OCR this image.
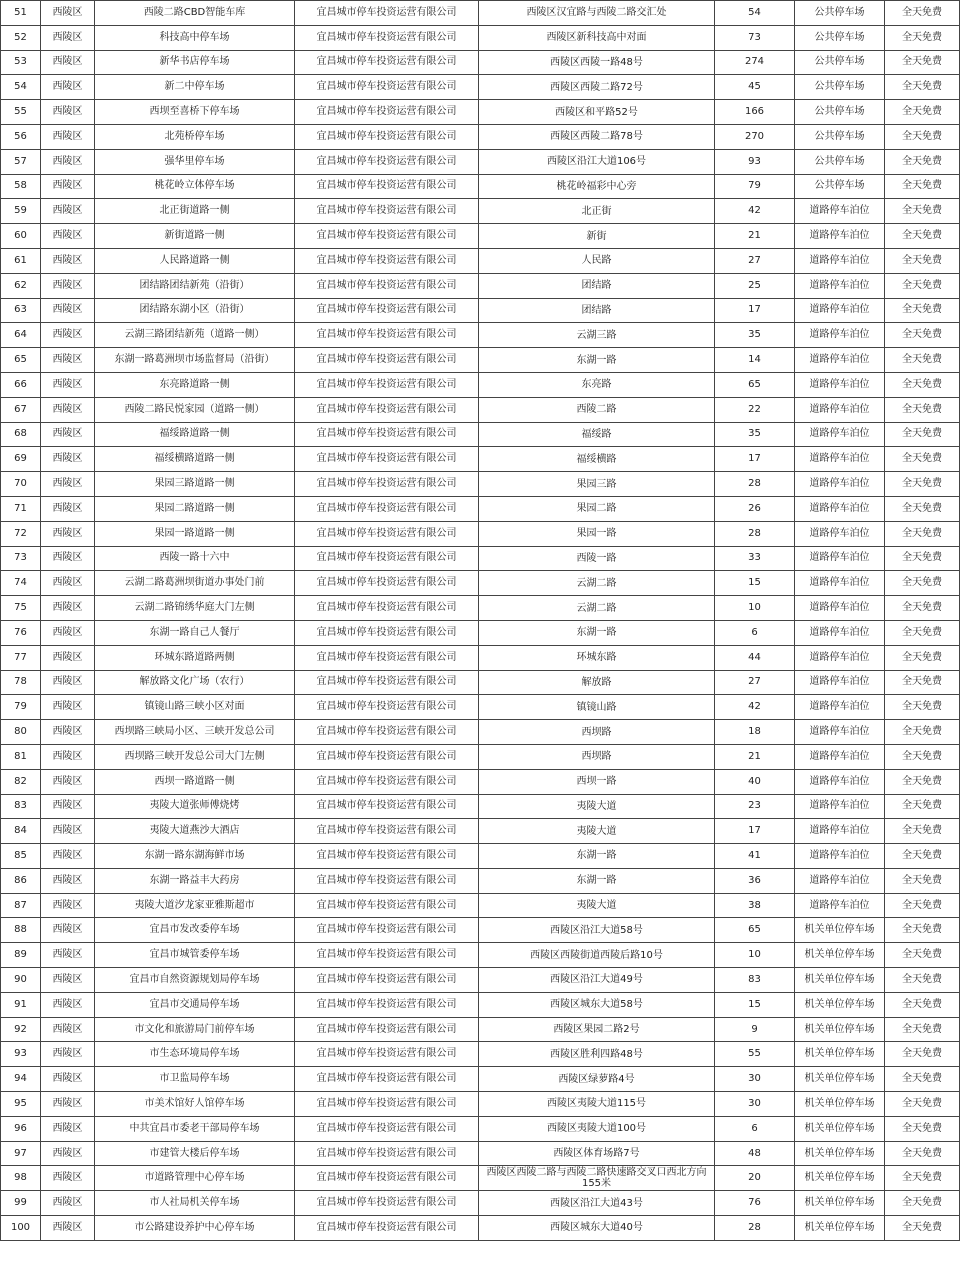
51	西陵区	西陵二路CBD智能车库	宜昌城市停车投资运营有限公司	西陵区汉宜路与西陵二路交汇处	54	公共停车场	全天免费
52	西陵区	科技高中停车场	宜昌城市停车投资运营有限公司	西陵区新科技高中对面	73	公共停车场	全天免费
53	西陵区	新华书店停车场	宜昌城市停车投资运营有限公司	西陵区西陵一路48号	274	公共停车场	全天免费
54	西陵区	新二中停车场	宜昌城市停车投资运营有限公司	西陵区西陵二路72号	45	公共停车场	全天免费
55	西陵区	西坝至喜桥下停车场	宜昌城市停车投资运营有限公司	西陵区和平路52号	166	公共停车场	全天免费
56	西陵区	北苑桥停车场	宜昌城市停车投资运营有限公司	西陵区西陵二路78号	270	公共停车场	全天免费
57	西陵区	强华里停车场	宜昌城市停车投资运营有限公司	西陵区沿江大道106号	93	公共停车场	全天免费
58	西陵区	桃花岭立体停车场	宜昌城市停车投资运营有限公司	桃花岭福彩中心旁	79	公共停车场	全天免费
59	西陵区	北正街道路一侧	宜昌城市停车投资运营有限公司	北正街	42	道路停车泊位	全天免费
60	西陵区	新街道路一侧	宜昌城市停车投资运营有限公司	新街	21	道路停车泊位	全天免费
61	西陵区	人民路道路一侧	宜昌城市停车投资运营有限公司	人民路	27	道路停车泊位	全天免费
62	西陵区	团结路团结新苑（沿街）	宜昌城市停车投资运营有限公司	团结路	25	道路停车泊位	全天免费
63	西陵区	团结路东湖小区（沿街）	宜昌城市停车投资运营有限公司	团结路	17	道路停车泊位	全天免费
64	西陵区	云湖三路团结新苑（道路一侧）	宜昌城市停车投资运营有限公司	云湖三路	35	道路停车泊位	全天免费
65	西陵区	东湖一路葛洲坝市场监督局（沿街）	宜昌城市停车投资运营有限公司	东湖一路	14	道路停车泊位	全天免费
66	西陵区	东亮路道路一侧	宜昌城市停车投资运营有限公司	东亮路	65	道路停车泊位	全天免费
67	西陵区	西陵二路民悦家园（道路一侧）	宜昌城市停车投资运营有限公司	西陵二路	22	道路停车泊位	全天免费
68	西陵区	福绥路道路一侧	宜昌城市停车投资运营有限公司	福绥路	35	道路停车泊位	全天免费
69	西陵区	福绥横路道路一侧	宜昌城市停车投资运营有限公司	福绥横路	17	道路停车泊位	全天免费
70	西陵区	果园三路道路一侧	宜昌城市停车投资运营有限公司	果园三路	28	道路停车泊位	全天免费
71	西陵区	果园二路道路一侧	宜昌城市停车投资运营有限公司	果园二路	26	道路停车泊位	全天免费
72	西陵区	果园一路道路一侧	宜昌城市停车投资运营有限公司	果园一路	28	道路停车泊位	全天免费
73	西陵区	西陵一路十六中	宜昌城市停车投资运营有限公司	西陵一路	33	道路停车泊位	全天免费
74	西陵区	云湖二路葛洲坝街道办事处门前	宜昌城市停车投资运营有限公司	云湖二路	15	道路停车泊位	全天免费
75	西陵区	云湖二路锦绣华庭大门左侧	宜昌城市停车投资运营有限公司	云湖二路	10	道路停车泊位	全天免费
76	西陵区	东湖一路自己人餐厅	宜昌城市停车投资运营有限公司	东湖一路	6	道路停车泊位	全天免费
77	西陵区	环城东路道路两侧	宜昌城市停车投资运营有限公司	环城东路	44	道路停车泊位	全天免费
78	西陵区	解放路文化广场（农行）	宜昌城市停车投资运营有限公司	解放路	27	道路停车泊位	全天免费
79	西陵区	镇镜山路三峡小区对面	宜昌城市停车投资运营有限公司	镇镜山路	42	道路停车泊位	全天免费
80	西陵区	西坝路三峡局小区、三峡开发总公司	宜昌城市停车投资运营有限公司	西坝路	18	道路停车泊位	全天免费
81	西陵区	西坝路三峡开发总公司大门左侧	宜昌城市停车投资运营有限公司	西坝路	21	道路停车泊位	全天免费
82	西陵区	西坝一路道路一侧	宜昌城市停车投资运营有限公司	西坝一路	40	道路停车泊位	全天免费
83	西陵区	夷陵大道张师傅烧烤	宜昌城市停车投资运营有限公司	夷陵大道	23	道路停车泊位	全天免费
84	西陵区	夷陵大道燕沙大酒店	宜昌城市停车投资运营有限公司	夷陵大道	17	道路停车泊位	全天免费
85	西陵区	东湖一路东湖海鲜市场	宜昌城市停车投资运营有限公司	东湖一路	41	道路停车泊位	全天免费
86	西陵区	东湖一路益丰大药房	宜昌城市停车投资运营有限公司	东湖一路	36	道路停车泊位	全天免费
87	西陵区	夷陵大道汐龙家亚雅斯超市	宜昌城市停车投资运营有限公司	夷陵大道	38	道路停车泊位	全天免费
88	西陵区	宜昌市发改委停车场	宜昌城市停车投资运营有限公司	西陵区沿江大道58号	65	机关单位停车场	全天免费
89	西陵区	宜昌市城管委停车场	宜昌城市停车投资运营有限公司	西陵区西陵街道西陵后路10号	10	机关单位停车场	全天免费
90	西陵区	宜昌市自然资源规划局停车场	宜昌城市停车投资运营有限公司	西陵区沿江大道49号	83	机关单位停车场	全天免费
91	西陵区	宜昌市交通局停车场	宜昌城市停车投资运营有限公司	西陵区城东大道58号	15	机关单位停车场	全天免费
92	西陵区	市文化和旅游局门前停车场	宜昌城市停车投资运营有限公司	西陵区果园二路2号	9	机关单位停车场	全天免费
93	西陵区	市生态环境局停车场	宜昌城市停车投资运营有限公司	西陵区胜利四路48号	55	机关单位停车场	全天免费
94	西陵区	市卫监局停车场	宜昌城市停车投资运营有限公司	西陵区绿萝路4号	30	机关单位停车场	全天免费
95	西陵区	市美术馆好人馆停车场	宜昌城市停车投资运营有限公司	西陵区夷陵大道115号	30	机关单位停车场	全天免费
96	西陵区	中共宜昌市委老干部局停车场	宜昌城市停车投资运营有限公司	西陵区夷陵大道100号	6	机关单位停车场	全天免费
97	西陵区	市建管大楼后停车场	宜昌城市停车投资运营有限公司	西陵区体育场路7号	48	机关单位停车场	全天免费
98	西陵区	市道路管理中心停车场	宜昌城市停车投资运营有限公司	西陵区西陵二路与西陵二路快速路交叉口西北方向155米	20	机关单位停车场	全天免费
99	西陵区	市人社局机关停车场	宜昌城市停车投资运营有限公司	西陵区沿江大道43号	76	机关单位停车场	全天免费
100	西陵区	市公路建设养护中心停车场	宜昌城市停车投资运营有限公司	西陵区城东大道40号	28	机关单位停车场	全天免费
